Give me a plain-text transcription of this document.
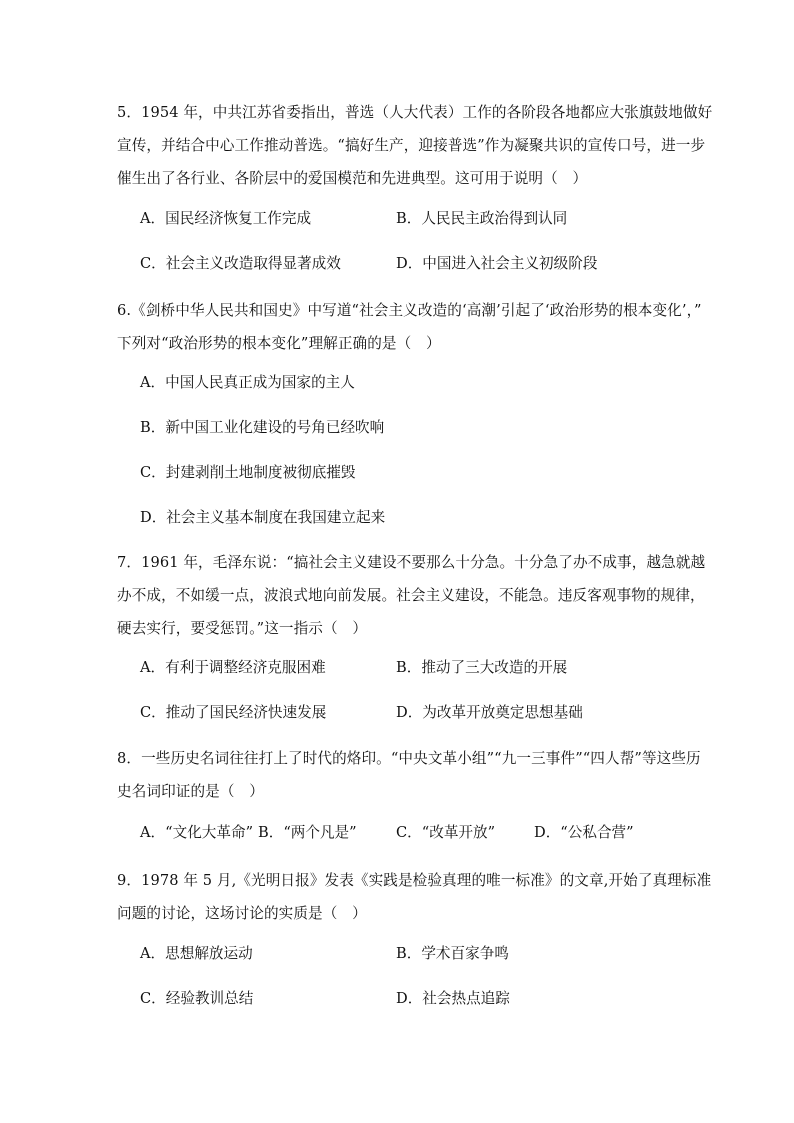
5．1954 年，中共江苏省委指出，普选（人大代表）工作的各阶段各地都应大张旗鼓地做好
宣传，并结合中心工作推动普选。“搞好生产，迎接普选”作为凝聚共识的宣传口号，进一步
催生出了各行业、各阶层中的爱国模范和先进典型。这可用于说明（　）

A．国民经济恢复工作完成	B．人民民主政治得到认同

C．社会主义改造取得显著成效	D．中国进入社会主义初级阶段

6.《剑桥中华人民共和国史》中写道“社会主义改造的‘高潮’引起了‘政治形势的根本变化’，”
下列对“政治形势的根本变化”理解正确的是（　）

A．中国人民真正成为国家的主人

B．新中国工业化建设的号角已经吹响

C．封建剥削土地制度被彻底摧毁

D．社会主义基本制度在我国建立起来

7．1961 年，毛泽东说：“搞社会主义建设不要那么十分急。十分急了办不成事，越急就越
办不成，不如缓一点，波浪式地向前发展。社会主义建设，不能急。违反客观事物的规律，
硬去实行，要受惩罚。”这一指示（　）

A．有利于调整经济克服困难	B．推动了三大改造的开展

C．推动了国民经济快速发展	D．为改革开放奠定思想基础

8．一些历史名词往往打上了时代的烙印。“中央文革小组”“九一三事件”“四人帮”等这些历
史名词印证的是（　）

A．“文化大革命” B．“两个凡是”	C．“改革开放”	D．“公私合营”

9．1978 年 5 月,《光明日报》发表《实践是检验真理的唯一标准》的文章,开始了真理标准
问题的讨论，这场讨论的实质是（　）

A．思想解放运动	B．学术百家争鸣

C．经验教训总结	D．社会热点追踪
